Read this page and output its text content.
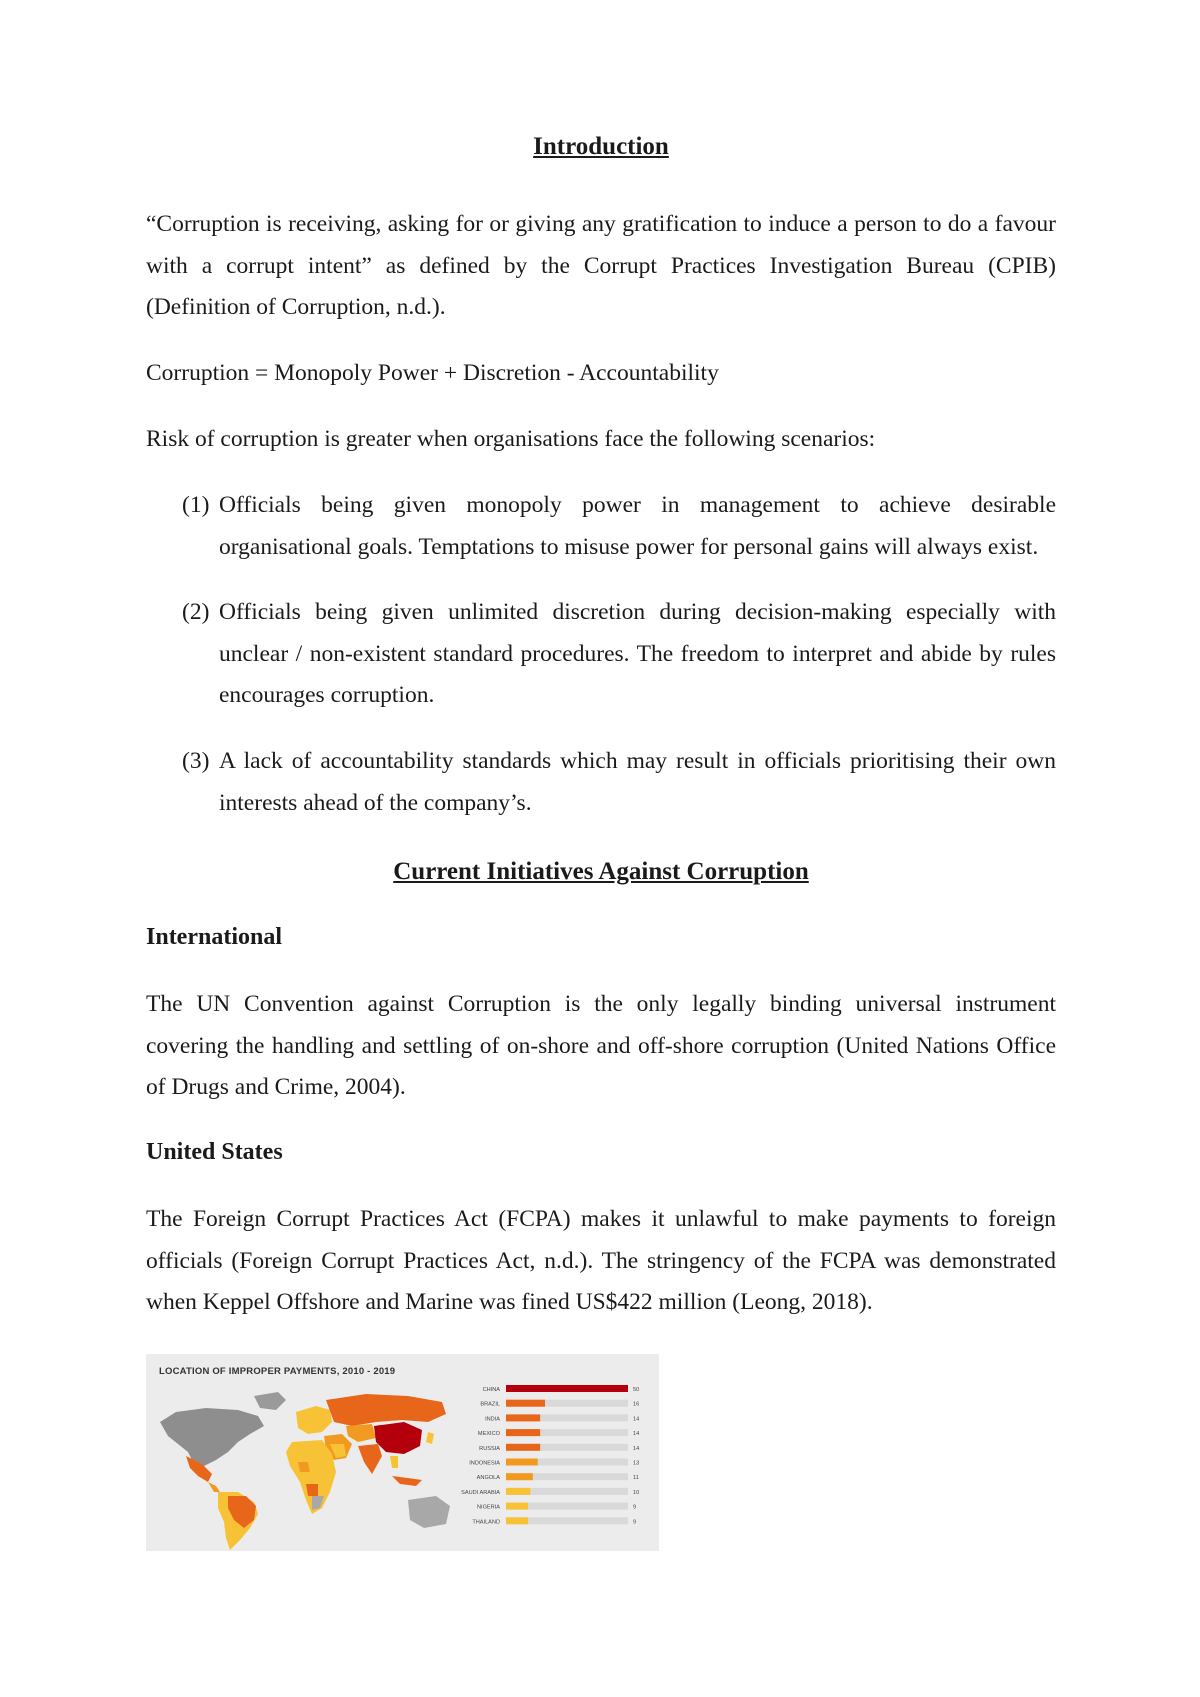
Introduction
“Corruption is receiving, asking for or giving any gratification to induce a person to do a favour with a corrupt intent” as defined by the Corrupt Practices Investigation Bureau (CPIB) (Definition of Corruption, n.d.).
Corruption = Monopoly Power + Discretion - Accountability
Risk of corruption is greater when organisations face the following scenarios:
(1) Officials being given monopoly power in management to achieve desirable organisational goals. Temptations to misuse power for personal gains will always exist.
(2) Officials being given unlimited discretion during decision-making especially with unclear / non-existent standard procedures. The freedom to interpret and abide by rules encourages corruption.
(3) A lack of accountability standards which may result in officials prioritising their own interests ahead of the company’s.
Current Initiatives Against Corruption
International
The UN Convention against Corruption is the only legally binding universal instrument covering the handling and settling of on-shore and off-shore corruption (United Nations Office of Drugs and Crime, 2004).
United States
The Foreign Corrupt Practices Act (FCPA) makes it unlawful to make payments to foreign officials (Foreign Corrupt Practices Act, n.d.). The stringency of the FCPA was demonstrated when Keppel Offshore and Marine was fined US$422 million (Leong, 2018).
LOCATION OF IMPROPER PAYMENTS, 2010 - 2019
CHINA	50
BRAZIL	16
INDIA	14
MEXICO	14
RUSSIA	14
INDONESIA	13
ANGOLA	11
SAUDI ARABIA	10
NIGERIA	9
THAILAND	9
